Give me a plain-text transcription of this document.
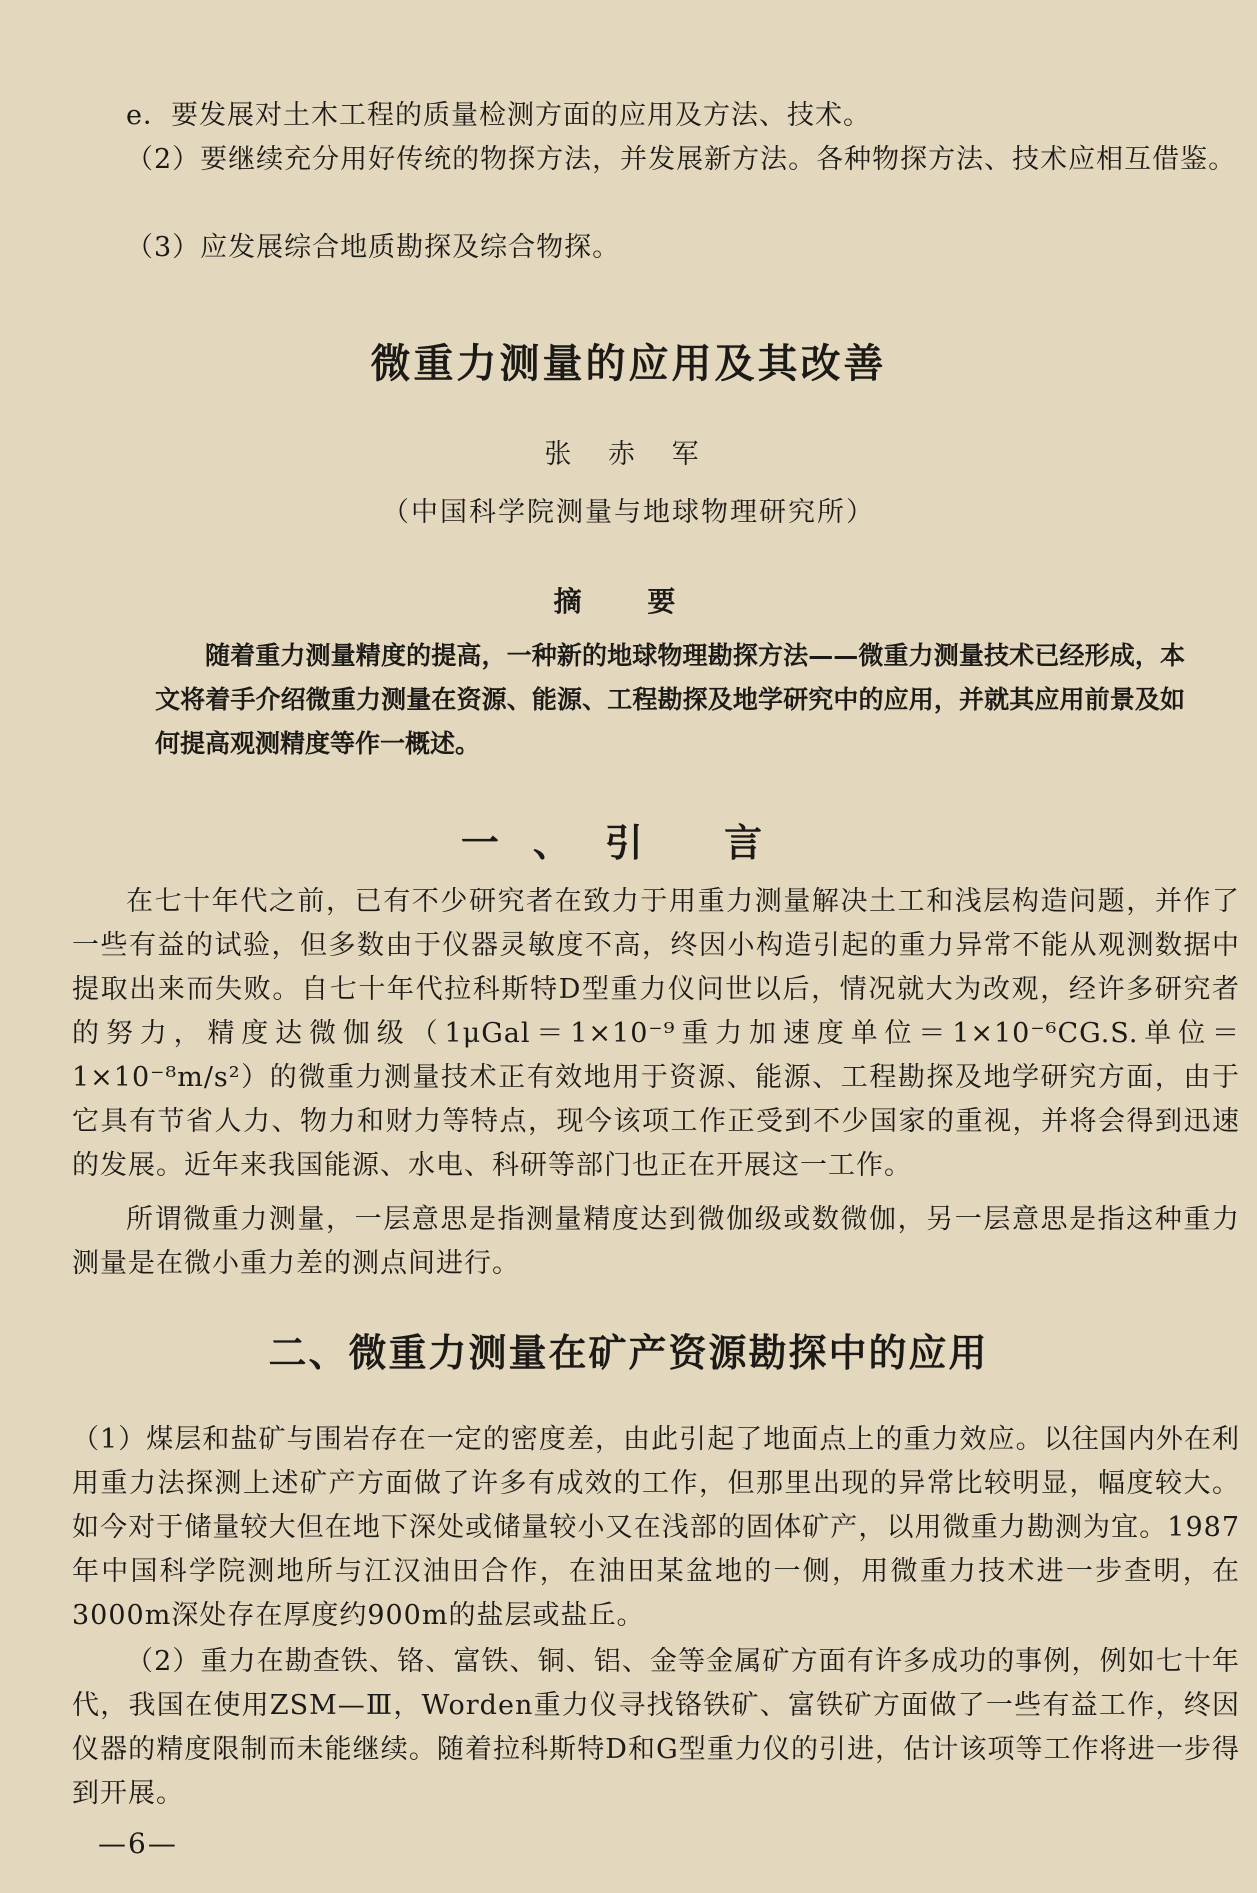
e．要发展对土木工程的质量检测方面的应用及方法、技术。

（2）要继续充分用好传统的物探方法，并发展新方法。各种物探方法、技术应相互借鉴。

（3）应发展综合地质勘探及综合物探。

微重力测量的应用及其改善

张 赤 军

（中国科学院测量与地球物理研究所）

摘 要

随着重力测量精度的提高，一种新的地球物理勘探方法——微重力测量技术已经形成，本文将着手介绍微重力测量在资源、能源、工程勘探及地学研究中的应用，并就其应用前景及如何提高观测精度等作一概述。

一、引 言

在七十年代之前，已有不少研究者在致力于用重力测量解决土工和浅层构造问题，并作了一些有益的试验，但多数由于仪器灵敏度不高，终因小构造引起的重力异常不能从观测数据中提取出来而失败。自七十年代拉科斯特D型重力仪问世以后，情况就大为改观，经许多研究者的努力，精度达微伽级（1μGal＝1×10⁻⁹重力加速度单位＝1×10⁻⁶CG.S.单位＝1×10⁻⁸m/s²）的微重力测量技术正有效地用于资源、能源、工程勘探及地学研究方面，由于它具有节省人力、物力和财力等特点，现今该项工作正受到不少国家的重视，并将会得到迅速的发展。近年来我国能源、水电、科研等部门也正在开展这一工作。

所谓微重力测量，一层意思是指测量精度达到微伽级或数微伽，另一层意思是指这种重力测量是在微小重力差的测点间进行。

二、微重力测量在矿产资源勘探中的应用

（1）煤层和盐矿与围岩存在一定的密度差，由此引起了地面点上的重力效应。以往国内外在利用重力法探测上述矿产方面做了许多有成效的工作，但那里出现的异常比较明显，幅度较大。如今对于储量较大但在地下深处或储量较小又在浅部的固体矿产，以用微重力勘测为宜。1987年中国科学院测地所与江汉油田合作，在油田某盆地的一侧，用微重力技术进一步查明，在3000m深处存在厚度约900m的盐层或盐丘。

（2）重力在勘查铁、铬、富铁、铜、铝、金等金属矿方面有许多成功的事例，例如七十年代，我国在使用ZSM—Ⅲ，Worden重力仪寻找铬铁矿、富铁矿方面做了一些有益工作，终因仪器的精度限制而未能继续。随着拉科斯特D和G型重力仪的引进，估计该项等工作将进一步得到开展。

—6—
